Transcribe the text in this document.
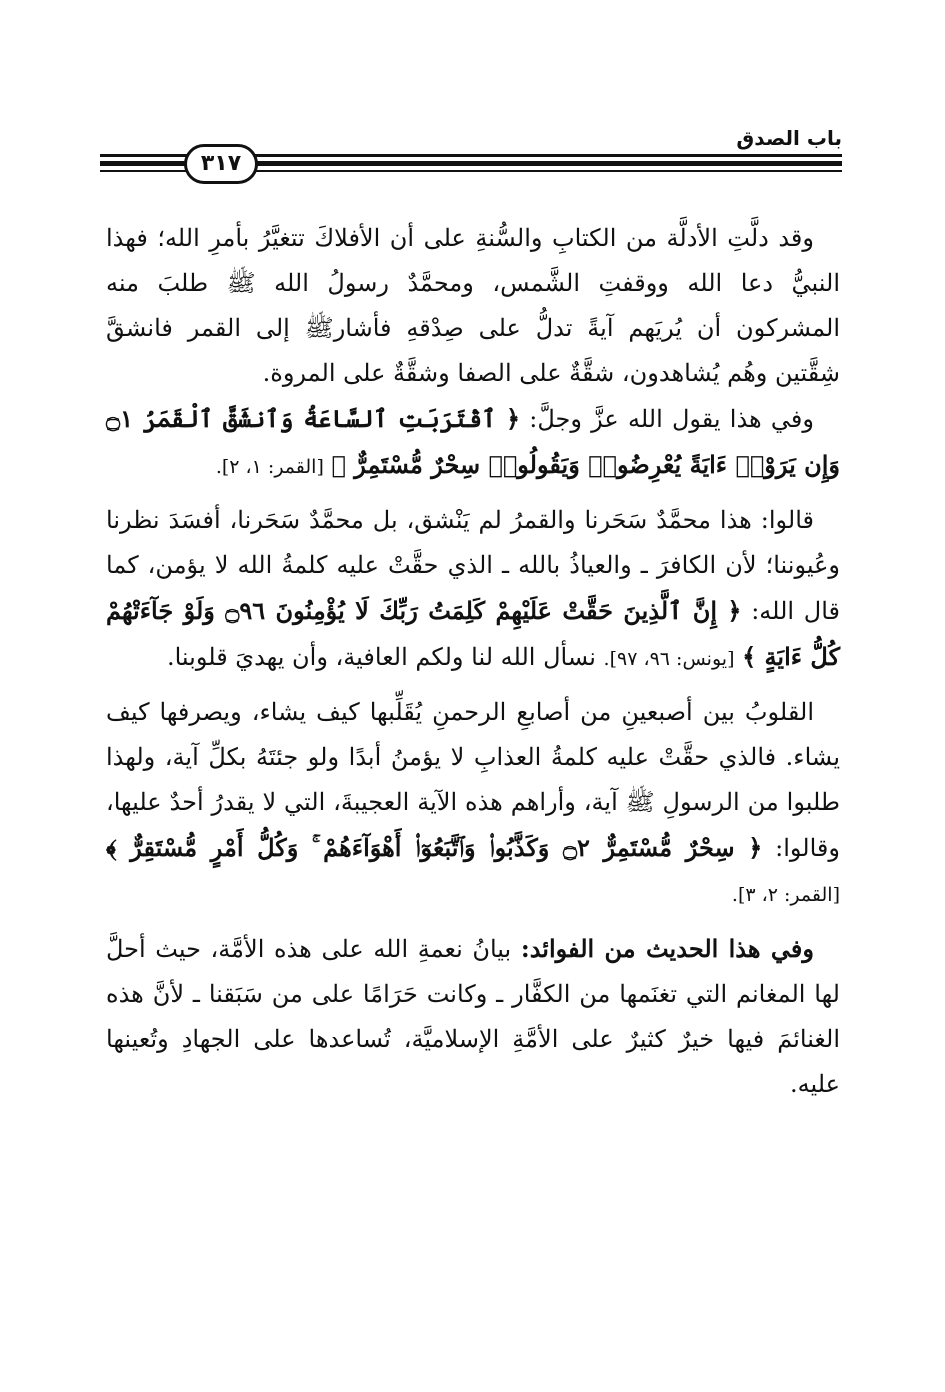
باب الصدق
٣١٧

وقد دلَّتِ الأدلَّة من الكتابِ والسُّنةِ على أن الأفلاكَ تتغيَّرُ بأمرِ الله؛ فهذا النبيُّ دعا الله ووقفتِ الشَّمس، ومحمَّدٌ رسولُ الله ﷺ طلبَ منه المشركون أن يُريَهم آيةً تدلُّ على صِدْقهِ فأشارﷺ إلى القمر فانشقَّ شِقَّتين وهُم يُشاهدون، شقَّةٌ على الصفا وشقَّةٌ على المروة.

وفي هذا يقول الله عزَّ وجلَّ: ﴿ ٱقْتَرَبَتِ ٱلسَّاعَةُ وَٱنشَقَّ ٱلْقَمَرُ ۝١ وَإِن يَرَوْا۟ ءَايَةً يُعْرِضُوا۟ وَيَقُولُوا۟ سِحْرٌ مُّسْتَمِرٌّ ﴾ [القمر: ١، ٢].

قالوا: هذا محمَّدٌ سَحَرنا والقمرُ لم يَنْشق، بل محمَّدٌ سَحَرنا، أفسَدَ نظرنا وعُيوننا؛ لأن الكافرَ ـ والعياذُ بالله ـ الذي حقَّتْ عليه كلمةُ الله لا يؤمن، كما قال الله: ﴿ إِنَّ ٱلَّذِينَ حَقَّتْ عَلَيْهِمْ كَلِمَتُ رَبِّكَ لَا يُؤْمِنُونَ ۝٩٦ وَلَوْ جَآءَتْهُمْ كُلُّ ءَايَةٍ ﴾ [يونس: ٩٦، ٩٧]. نسأل الله لنا ولكم العافية، وأن يهديَ قلوبنا.

القلوبُ بين أصبعينِ من أصابعِ الرحمنِ يُقَلِّبها كيف يشاء، ويصرفها كيف يشاء. فالذي حقَّتْ عليه كلمةُ العذابِ لا يؤمنُ أبدًا ولو جئتَهُ بكلِّ آية، ولهذا طلبوا من الرسولِ ﷺ آية، وأراهم هذه الآية العجيبةَ، التي لا يقدرُ أحدٌ عليها، وقالوا: ﴿ سِحْرٌ مُّسْتَمِرٌّ ۝٢ وَكَذَّبُوا۟ وَٱتَّبَعُوٓا۟ أَهْوَآءَهُمْ ۚ وَكُلُّ أَمْرٍ مُّسْتَقِرٌّ ﴾ [القمر: ٢، ٣].

وفي هذا الحديث من الفوائد: بيانُ نعمةِ الله على هذه الأمَّة، حيث أحلَّ لها المغانم التي تغنَمها من الكفَّار ـ وكانت حَرَامًا على من سَبَقنا ـ لأنَّ هذه الغنائمَ فيها خيرٌ كثيرٌ على الأمَّةِ الإسلاميَّة، تُساعدها على الجهادِ وتُعينها عليه.
